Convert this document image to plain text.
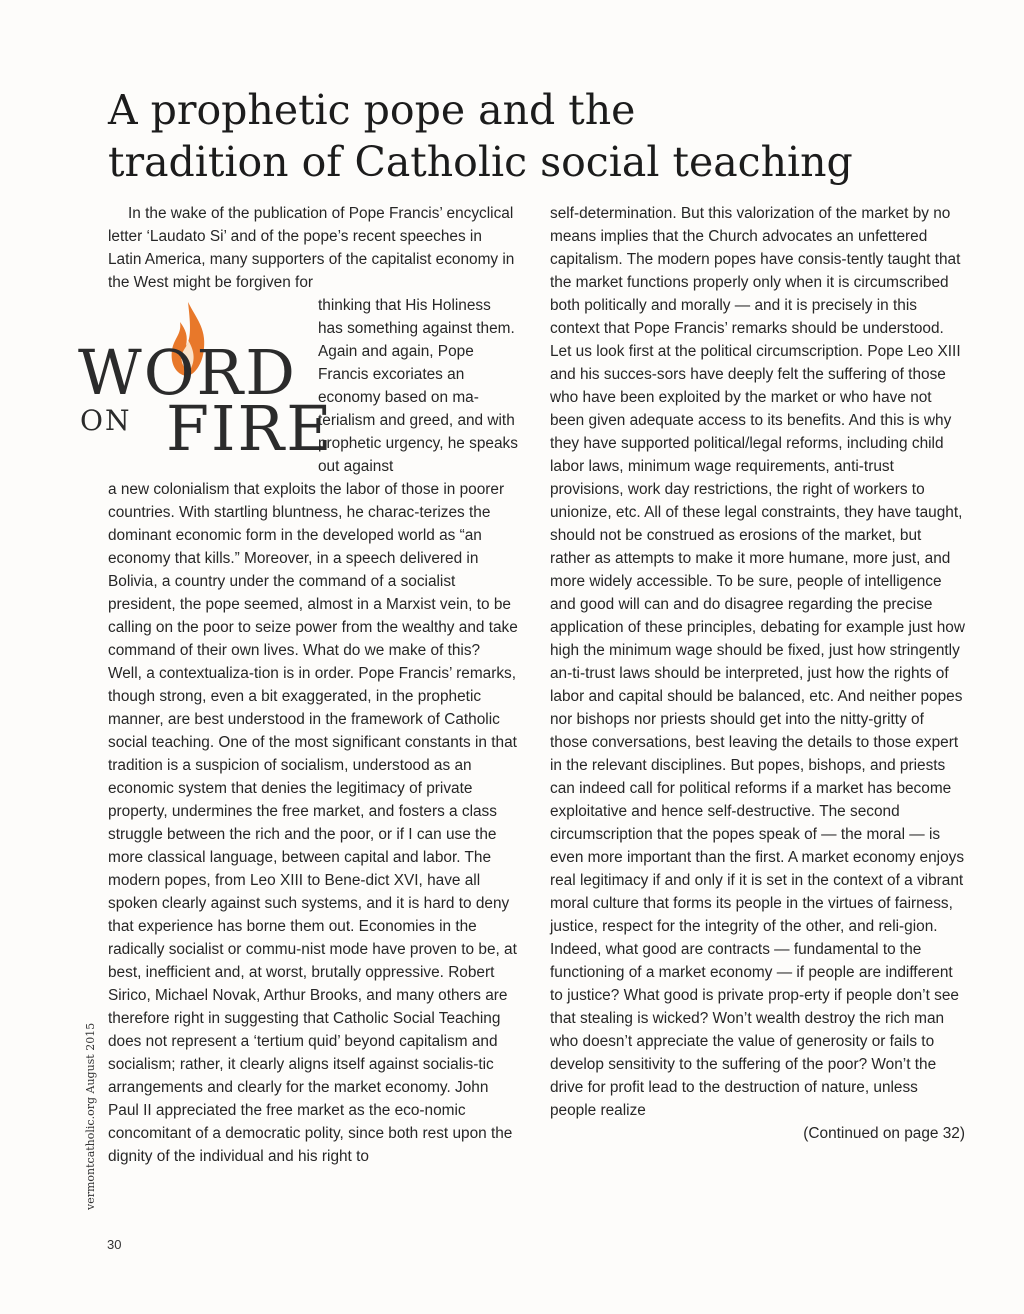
A prophetic pope and the
tradition of Catholic social teaching
WORD
ON FIRE

In the wake of the publication of Pope Francis’ encyclical letter ‘Laudato Si’ and of the pope’s recent speeches in Latin America, many supporters of the capitalist economy in the West might be forgiven for

thinking that His Holiness has something against them. Again and again, Pope Francis excoriates an economy based on ma-terialism and greed, and with prophetic urgency, he speaks out against

a new colonialism that exploits the labor of those in poorer countries. With startling bluntness, he charac-terizes the dominant economic form in the developed world as “an economy that kills.” Moreover, in a speech delivered in Bolivia, a country under the command of a socialist president, the pope seemed, almost in a Marxist vein, to be calling on the poor to seize power from the wealthy and take command of their own lives. What do we make of this? Well, a contextualiza-tion is in order. Pope Francis’ remarks, though strong, even a bit exaggerated, in the prophetic manner, are best understood in the framework of Catholic social teaching. One of the most significant constants in that tradition is a suspicion of socialism, understood as an economic system that denies the legitimacy of private property, undermines the free market, and fosters a class struggle between the rich and the poor, or if I can use the more classical language, between capital and labor. The modern popes, from Leo XIII to Bene-dict XVI, have all spoken clearly against such systems, and it is hard to deny that experience has borne them out. Economies in the radically socialist or commu-nist mode have proven to be, at best, inefficient and, at worst, brutally oppressive. Robert Sirico, Michael Novak, Arthur Brooks, and many others are therefore right in suggesting that Catholic Social Teaching does not represent a ‘tertium quid’ beyond capitalism and socialism; rather, it clearly aligns itself against socialis-tic arrangements and clearly for the market economy. John Paul II appreciated the free market as the eco-nomic concomitant of a democratic polity, since both rest upon the dignity of the individual and his right to

self-determination. But this valorization of the market by no means implies that the Church advocates an unfettered capitalism. The modern popes have consis-tently taught that the market functions properly only when it is circumscribed both politically and morally — and it is precisely in this context that Pope Francis’ remarks should be understood. Let us look first at the political circumscription. Pope Leo XIII and his succes-sors have deeply felt the suffering of those who have been exploited by the market or who have not been given adequate access to its benefits. And this is why they have supported political/legal reforms, including child labor laws, minimum wage requirements, anti-trust provisions, work day restrictions, the right of workers to unionize, etc. All of these legal constraints, they have taught, should not be construed as erosions of the market, but rather as attempts to make it more humane, more just, and more widely accessible. To be sure, people of intelligence and good will can and do disagree regarding the precise application of these principles, debating for example just how high the minimum wage should be fixed, just how stringently an-ti-trust laws should be interpreted, just how the rights of labor and capital should be balanced, etc. And neither popes nor bishops nor priests should get into the nitty-gritty of those conversations, best leaving the details to those expert in the relevant disciplines. But popes, bishops, and priests can indeed call for political reforms if a market has become exploitative and hence self-destructive. The second circumscription that the popes speak of — the moral — is even more important than the first. A market economy enjoys real legitimacy if and only if it is set in the context of a vibrant moral culture that forms its people in the virtues of fairness, justice, respect for the integrity of the other, and reli-gion. Indeed, what good are contracts — fundamental to the functioning of a market economy — if people are indifferent to justice? What good is private prop-erty if people don’t see that stealing is wicked? Won’t wealth destroy the rich man who doesn’t appreciate the value of generosity or fails to develop sensitivity to the suffering of the poor? Won’t the drive for profit lead to the destruction of nature, unless people realize

(Continued on page 32)

vermontcatholic.org August 2015
30
